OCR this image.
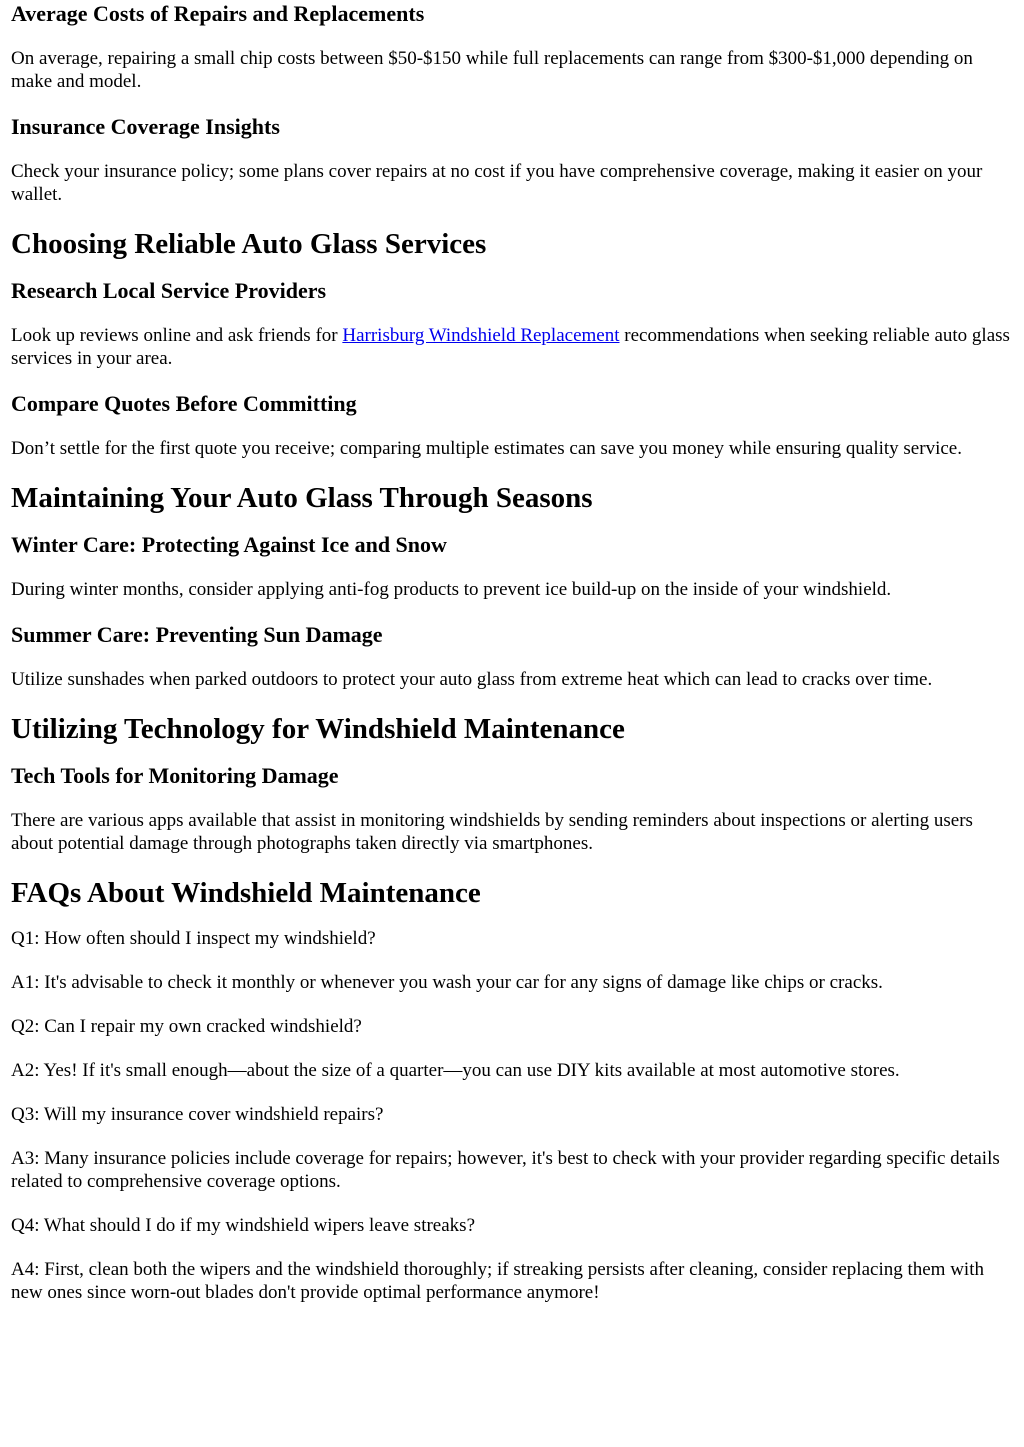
Average Costs of Repairs and Replacements

On average, repairing a small chip costs between $50-$150 while full replacements can range from $300-$1,000 depending on make and model.

Insurance Coverage Insights

Check your insurance policy; some plans cover repairs at no cost if you have comprehensive coverage, making it easier on your wallet.

Choosing Reliable Auto Glass Services
Research Local Service Providers

Look up reviews online and ask friends for Harrisburg Windshield Replacement recommendations when seeking reliable auto glass services in your area.

Compare Quotes Before Committing

Don’t settle for the first quote you receive; comparing multiple estimates can save you money while ensuring quality service.

Maintaining Your Auto Glass Through Seasons
Winter Care: Protecting Against Ice and Snow

During winter months, consider applying anti-fog products to prevent ice build-up on the inside of your windshield.

Summer Care: Preventing Sun Damage

Utilize sunshades when parked outdoors to protect your auto glass from extreme heat which can lead to cracks over time.

Utilizing Technology for Windshield Maintenance
Tech Tools for Monitoring Damage

There are various apps available that assist in monitoring windshields by sending reminders about inspections or alerting users about potential damage through photographs taken directly via smartphones.

FAQs About Windshield Maintenance

Q1: How often should I inspect my windshield?

A1: It's advisable to check it monthly or whenever you wash your car for any signs of damage like chips or cracks.

Q2: Can I repair my own cracked windshield?

A2: Yes! If it's small enough—about the size of a quarter—you can use DIY kits available at most automotive stores.

Q3: Will my insurance cover windshield repairs?

A3: Many insurance policies include coverage for repairs; however, it's best to check with your provider regarding specific details related to comprehensive coverage options.

Q4: What should I do if my windshield wipers leave streaks?

A4: First, clean both the wipers and the windshield thoroughly; if streaking persists after cleaning, consider replacing them with new ones since worn-out blades don't provide optimal performance anymore!
